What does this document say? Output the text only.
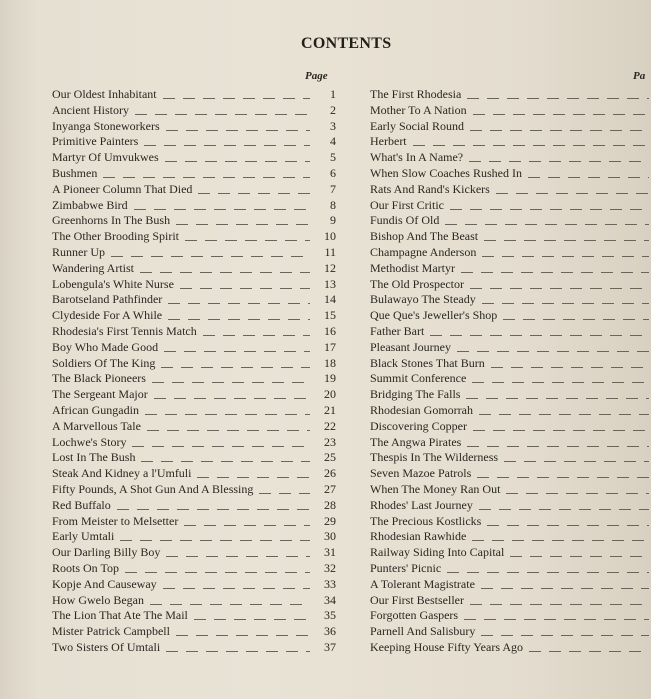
CONTENTS
Page	Pa
Our Oldest Inhabitant	1
Ancient History	2
Inyanga Stoneworkers	3
Primitive Painters	4
Martyr Of Umvukwes	5
Bushmen	6
A Pioneer Column That Died	7
Zimbabwe Bird	8
Greenhorns In The Bush	9
The Other Brooding Spirit	10
Runner Up	11
Wandering Artist	12
Lobengula's White Nurse	13
Barotseland Pathfinder	14
Clydeside For A While	15
Rhodesia's First Tennis Match	16
Boy Who Made Good	17
Soldiers Of The King	18
The Black Pioneers	19
The Sergeant Major	20
African Gungadin	21
A Marvellous Tale	22
Lochwe's Story	23
Lost In The Bush	25
Steak And Kidney a l'Umfuli	26
Fifty Pounds, A Shot Gun And A Blessing	27
Red Buffalo	28
From Meister to Melsetter	29
Early Umtali	30
Our Darling Billy Boy	31
Roots On Top	32
Kopje And Causeway	33
How Gwelo Began	34
The Lion That Ate The Mail	35
Mister Patrick Campbell	36
Two Sisters Of Umtali	37
The First Rhodesia
Mother To A Nation
Early Social Round
Herbert
What's In A Name?
When Slow Coaches Rushed In
Rats And Rand's Kickers
Our First Critic
Fundis Of Old
Bishop And The Beast
Champagne Anderson
Methodist Martyr
The Old Prospector
Bulawayo The Steady
Que Que's Jeweller's Shop
Father Bart
Pleasant Journey
Black Stones That Burn
Summit Conference
Bridging The Falls
Rhodesian Gomorrah
Discovering Copper
The Angwa Pirates
Thespis In The Wilderness
Seven Mazoe Patrols
When The Money Ran Out
Rhodes' Last Journey
The Precious Kostlicks
Rhodesian Rawhide
Railway Siding Into Capital
Punters' Picnic
A Tolerant Magistrate
Our First Bestseller
Forgotten Gaspers
Parnell And Salisbury
Keeping House Fifty Years Ago
